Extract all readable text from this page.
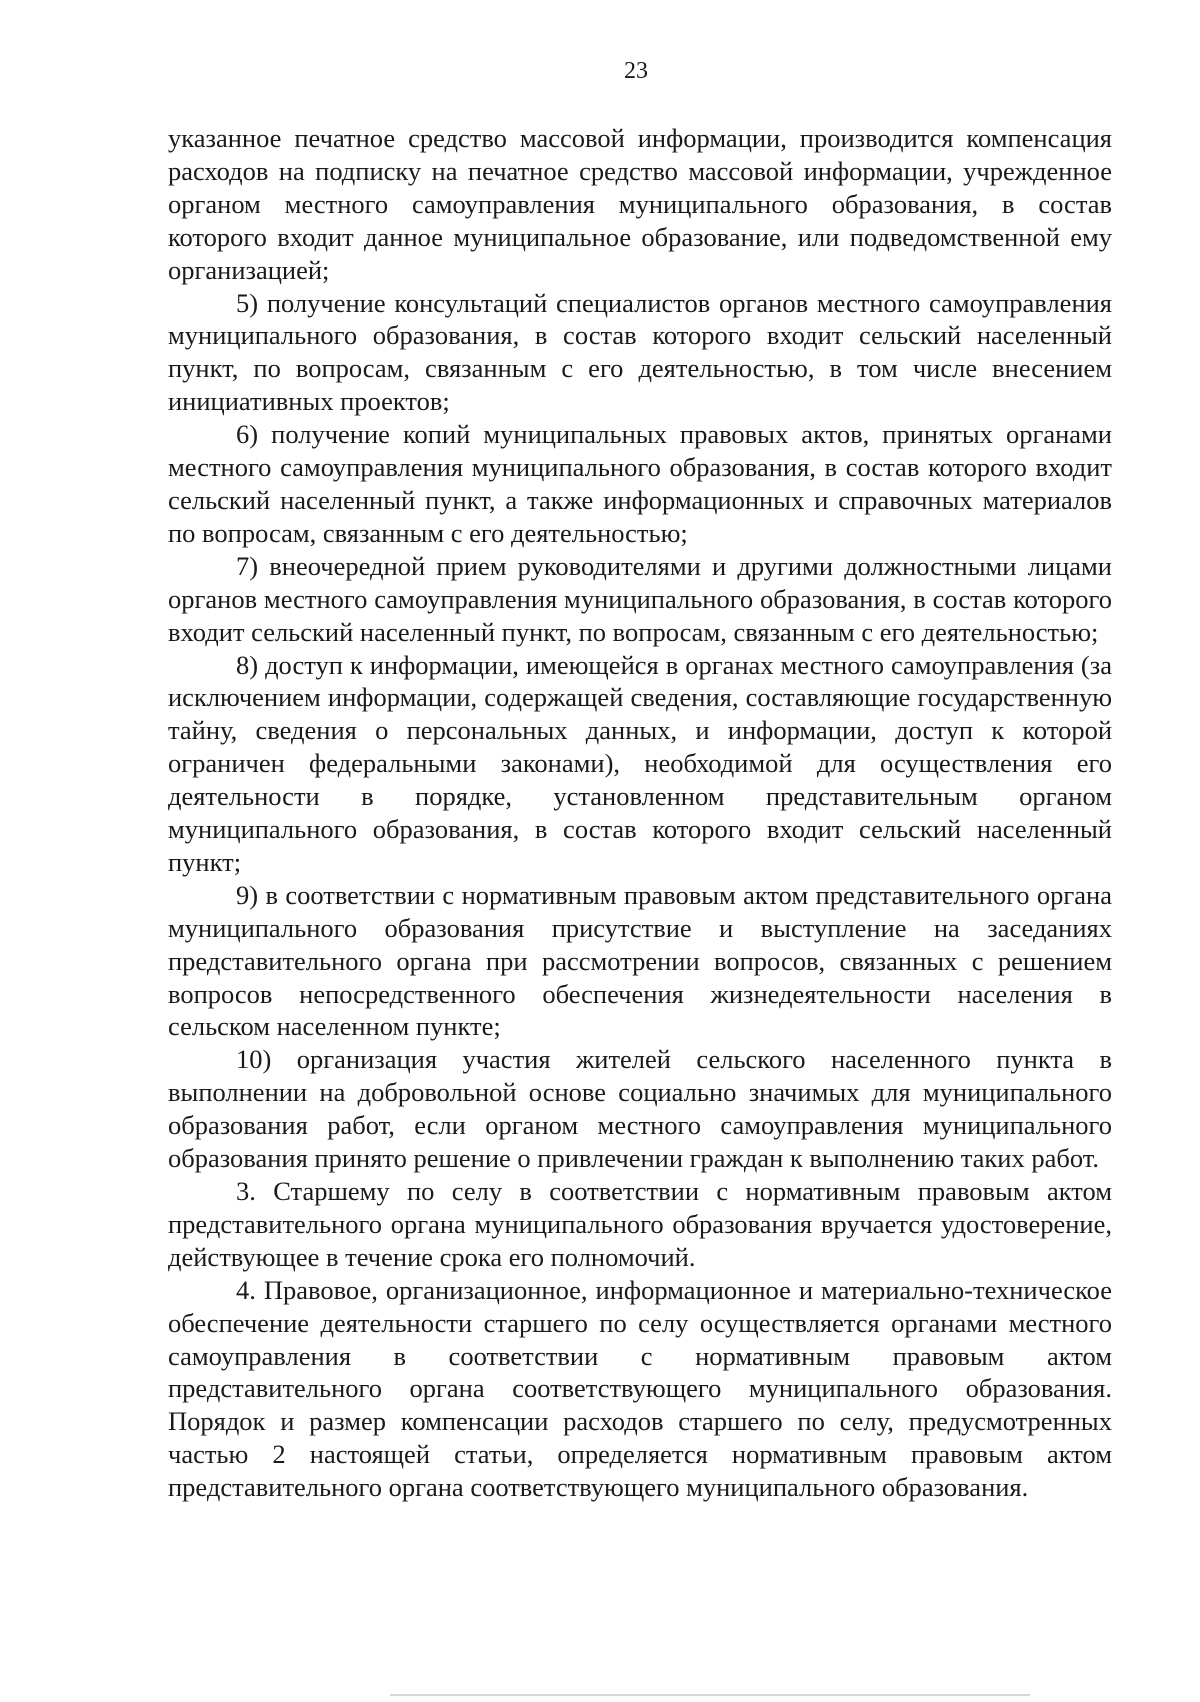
23

указанное печатное средство массовой информации, производится компенсация расходов на подписку на печатное средство массовой информации, учрежденное органом местного самоуправления муниципального образования, в состав которого входит данное муниципальное образование, или подведомственной ему организацией;

5) получение консультаций специалистов органов местного самоуправления муниципального образования, в состав которого входит сельский населенный пункт, по вопросам, связанным с его деятельностью, в том числе внесением инициативных проектов;

6) получение копий муниципальных правовых актов, принятых органами местного самоуправления муниципального образования, в состав которого входит сельский населенный пункт, а также информационных и справочных материалов по вопросам, связанным с его деятельностью;

7) внеочередной прием руководителями и другими должностными лицами органов местного самоуправления муниципального образования, в состав которого входит сельский населенный пункт, по вопросам, связанным с его деятельностью;

8) доступ к информации, имеющейся в органах местного самоуправления (за исключением информации, содержащей сведения, составляющие государственную тайну, сведения о персональных данных, и информации, доступ к которой ограничен федеральными законами), необходимой для осуществления его деятельности в порядке, установленном представительным органом муниципального образования, в состав которого входит сельский населенный пункт;

9) в соответствии с нормативным правовым актом представительного органа муниципального образования присутствие и выступление на заседаниях представительного органа при рассмотрении вопросов, связанных с решением вопросов непосредственного обеспечения жизнедеятельности населения в сельском населенном пункте;

10) организация участия жителей сельского населенного пункта в выполнении на добровольной основе социально значимых для муниципального образования работ, если органом местного самоуправления муниципального образования принято решение о привлечении граждан к выполнению таких работ.

3. Старшему по селу в соответствии с нормативным правовым актом представительного органа муниципального образования вручается удостоверение, действующее в течение срока его полномочий.

4. Правовое, организационное, информационное и материально-техническое обеспечение деятельности старшего по селу осуществляется органами местного самоуправления в соответствии с нормативным правовым актом представительного органа соответствующего муниципального образования. Порядок и размер компенсации расходов старшего по селу, предусмотренных частью 2 настоящей статьи, определяется нормативным правовым актом представительного органа соответствующего муниципального образования.
